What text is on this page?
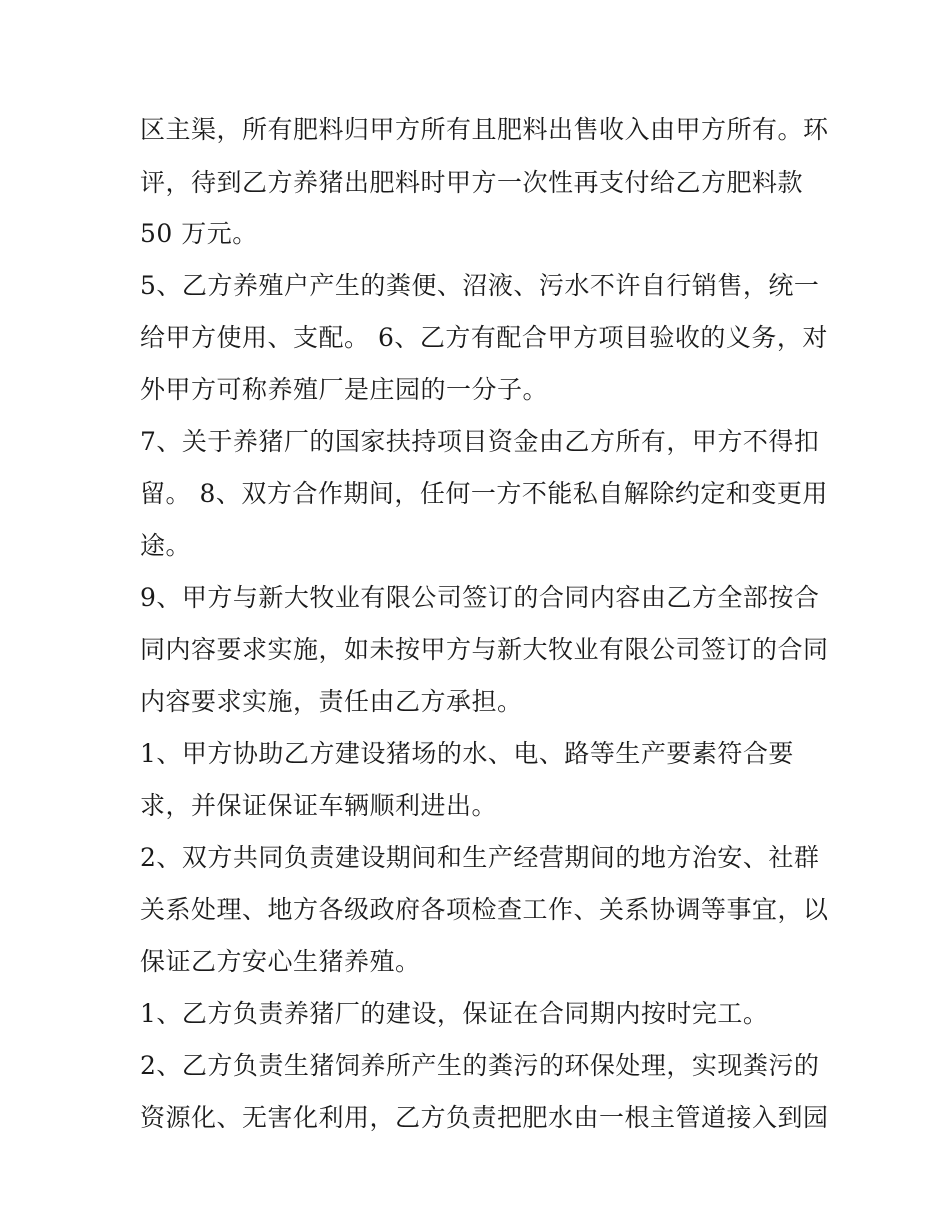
区主渠，所有肥料归甲方所有且肥料出售收入由甲方所有。环
评，待到乙方养猪出肥料时甲方一次性再支付给乙方肥料款
50 万元。
5、乙方养殖户产生的粪便、沼液、污水不许自行销售，统一
给甲方使用、支配。 6、乙方有配合甲方项目验收的义务，对
外甲方可称养殖厂是庄园的一分子。
7、关于养猪厂的国家扶持项目资金由乙方所有，甲方不得扣
留。 8、双方合作期间，任何一方不能私自解除约定和变更用
途。
9、甲方与新大牧业有限公司签订的合同内容由乙方全部按合
同内容要求实施，如未按甲方与新大牧业有限公司签订的合同
内容要求实施，责任由乙方承担。
1、甲方协助乙方建设猪场的水、电、路等生产要素符合要
求，并保证保证车辆顺利进出。
2、双方共同负责建设期间和生产经营期间的地方治安、社群
关系处理、地方各级政府各项检查工作、关系协调等事宜，以
保证乙方安心生猪养殖。
1、乙方负责养猪厂的建设，保证在合同期内按时完工。
2、乙方负责生猪饲养所产生的粪污的环保处理，实现粪污的
资源化、无害化利用，乙方负责把肥水由一根主管道接入到园
